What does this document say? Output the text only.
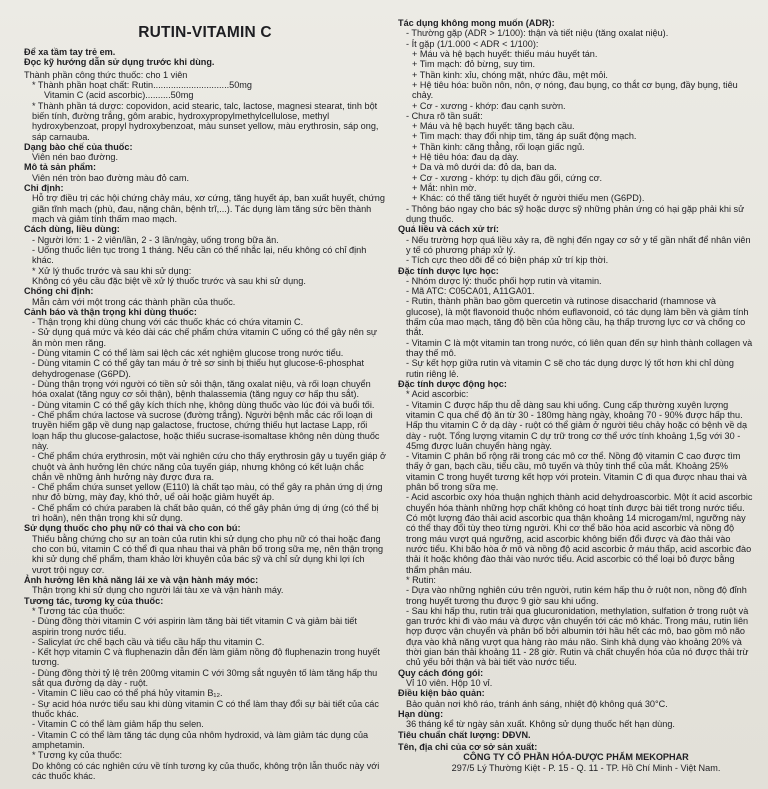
RUTIN-VITAMIN C
Để xa tầm tay trẻ em.
Đọc kỹ hướng dẫn sử dụng trước khi dùng.
Thành phần công thức thuốc: cho 1 viên
* Thành phần hoạt chất: Rutin..............................50mg
Vitamin C (acid ascorbic)..........50mg
* Thành phần tá dược: copovidon, acid stearic, talc, lactose, magnesi stearat, tinh bột biến tính, đường trắng, gôm arabic, hydroxypropylmethylcellulose, methyl hydroxybenzoat, propyl hydroxybenzoat, màu sunset yellow, màu erythrosin, sáp ong, sáp carnauba.
Dạng bào chế của thuốc:
Viên nén bao đường.
Mô tả sản phẩm:
Viên nén tròn bao đường màu đỏ cam.
Chỉ định:
Hỗ trợ điều trị các hội chứng chảy máu, xơ cứng, tăng huyết áp, ban xuất huyết, chứng giãn tĩnh mạch (phù, đau, nặng chân, bệnh trĩ,...). Tác dụng làm tăng sức bền thành mạch và giảm tính thấm mao mạch.
Cách dùng, liều dùng:
- Người lớn: 1 - 2 viên/lần, 2 - 3 lần/ngày, uống trong bữa ăn.
- Uống thuốc liên tục trong 1 tháng. Nếu cần có thể nhắc lại, nếu không có chỉ định khác.
* Xử lý thuốc trước và sau khi sử dụng:
Không có yêu cầu đặc biệt về xử lý thuốc trước và sau khi sử dụng.
Chống chỉ định:
Mẫn cảm với một trong các thành phần của thuốc.
Cảnh báo và thận trọng khi dùng thuốc:
- Thận trọng khi dùng chung với các thuốc khác có chứa vitamin C.
- Sử dụng quá mức và kéo dài các chế phẩm chứa vitamin C uống có thể gây nên sự ăn mòn men răng.
- Dùng vitamin C có thể làm sai lệch các xét nghiệm glucose trong nước tiểu.
- Dùng vitamin C có thể gây tan máu ở trẻ sơ sinh bị thiếu hụt glucose-6-phosphat dehydrogenase (G6PD).
- Dùng thận trọng với người có tiền sử sỏi thận, tăng oxalat niệu, và rối loạn chuyển hóa oxalat (tăng nguy cơ sỏi thận), bệnh thalassemia (tăng nguy cơ hấp thu sắt).
- Dùng vitamin C có thể gây kích thích nhẹ, không dùng thuốc vào lúc đói và buổi tối.
- Chế phẩm chứa lactose và sucrose (đường trắng). Người bệnh mắc các rối loạn di truyền hiếm gặp về dung nạp galactose, fructose, chứng thiếu hụt lactase Lapp, rối loạn hấp thu glucose-galactose, hoặc thiếu sucrase-isomaltase không nên dùng thuốc này.
- Chế phẩm chứa erythrosin, một vài nghiên cứu cho thấy erythrosin gây u tuyến giáp ở chuột và ảnh hưởng lên chức năng của tuyến giáp, nhưng không có kết luận chắc chắn về những ảnh hưởng này được đưa ra.
- Chế phẩm chứa sunset yellow (E110) là chất tạo màu, có thể gây ra phản ứng dị ứng như đỏ bừng, mày đay, khó thở, uể oải hoặc giảm huyết áp.
- Chế phẩm có chứa paraben là chất bảo quản, có thể gây phản ứng dị ứng (có thể bị trì hoãn), nên thận trọng khi sử dụng.
Sử dụng thuốc cho phụ nữ có thai và cho con bú:
Thiếu bằng chứng cho sự an toàn của rutin khi sử dụng cho phụ nữ có thai hoặc đang cho con bú, vitamin C có thể đi qua nhau thai và phân bố trong sữa mẹ, nên thận trọng khi sử dụng chế phẩm, tham khảo lời khuyên của bác sỹ và chỉ sử dụng khi lợi ích vượt trội nguy cơ.
Ảnh hưởng lên khả năng lái xe và vận hành máy móc:
Thận trọng khi sử dụng cho người lái tàu xe và vận hành máy.
Tương tác, tương kỵ của thuốc:
* Tương tác của thuốc:
- Dùng đồng thời vitamin C với aspirin làm tăng bài tiết vitamin C và giảm bài tiết aspirin trong nước tiểu.
- Salicylat ức chế bạch cầu và tiểu cầu hấp thu vitamin C.
- Kết hợp vitamin C và fluphenazin dẫn đến làm giảm nồng độ fluphenazin trong huyết tương.
- Dùng đồng thời tỷ lệ trên 200mg vitamin C với 30mg sắt nguyên tố làm tăng hấp thu sắt qua đường dạ dày - ruột.
- Vitamin C liều cao có thể phá hủy vitamin B₁₂.
- Sự acid hóa nước tiểu sau khi dùng vitamin C có thể làm thay đổi sự bài tiết của các thuốc khác.
- Vitamin C có thể làm giảm hấp thu selen.
- Vitamin C có thể làm tăng tác dụng của nhôm hydroxid, và làm giảm tác dụng của amphetamin.
* Tương kỵ của thuốc:
Do không có các nghiên cứu về tính tương kỵ của thuốc, không trộn lẫn thuốc này với các thuốc khác.
Tác dụng không mong muốn (ADR):
- Thường gặp (ADR > 1/100): thận và tiết niệu (tăng oxalat niệu).
- Ít gặp (1/1.000 < ADR < 1/100):
+ Máu và hệ bạch huyết: thiếu máu huyết tán.
+ Tim mạch: đỏ bừng, suy tim.
+ Thần kinh: xỉu, chóng mặt, nhức đầu, mệt mỏi.
+ Hệ tiêu hóa: buồn nôn, nôn, ợ nóng, đau bụng, co thắt cơ bụng, đầy bụng, tiêu chảy.
+ Cơ - xương - khớp: đau cạnh sườn.
- Chưa rõ tần suất:
+ Máu và hệ bạch huyết: tăng bạch cầu.
+ Tim mạch: thay đổi nhịp tim, tăng áp suất động mạch.
+ Thần kinh: căng thẳng, rối loạn giấc ngủ.
+ Hệ tiêu hóa: đau dạ dày.
+ Da và mô dưới da: đỏ da, ban da.
+ Cơ - xương - khớp: tụ dịch đầu gối, cứng cơ.
+ Mắt: nhìn mờ.
+ Khác: có thể tăng tiết huyết ở người thiếu men (G6PD).
- Thông báo ngay cho bác sỹ hoặc dược sỹ những phản ứng có hại gặp phải khi sử dụng thuốc.
Quá liều và cách xử trí:
- Nếu trường hợp quá liều xảy ra, đề nghị đến ngay cơ sở y tế gần nhất để nhân viên y tế có phương pháp xử lý.
- Tích cực theo dõi để có biện pháp xử trí kịp thời.
Đặc tính dược lực học:
- Nhóm dược lý: thuốc phối hợp rutin và vitamin.
- Mã ATC: C05CA01, A11GA01.
- Rutin, thành phần bao gồm quercetin và rutinose disaccharid (rhamnose và glucose), là một flavonoid thuộc nhóm euflavonoid, có tác dụng làm bền và giảm tính thấm của mao mạch, tăng độ bền của hồng cầu, hạ thấp trương lực cơ và chống co thắt.
- Vitamin C là một vitamin tan trong nước, có liên quan đến sự hình thành collagen và thay thế mô.
- Sự kết hợp giữa rutin và vitamin C sẽ cho tác dụng dược lý tốt hơn khi chỉ dùng rutin riêng lẻ.
Đặc tính dược động học:
* Acid ascorbic:
- Vitamin C được hấp thu dễ dàng sau khi uống. Cung cấp thường xuyên lượng vitamin C qua chế độ ăn từ 30 - 180mg hàng ngày, khoảng 70 - 90% được hấp thu. Hấp thu vitamin C ở dạ dày - ruột có thể giảm ở người tiêu chảy hoặc có bệnh về dạ dày - ruột. Tổng lượng vitamin C dự trữ trong cơ thể ước tính khoảng 1,5g với 30 - 45mg được luân chuyển hàng ngày.
- Vitamin C phân bố rộng rãi trong các mô cơ thể. Nồng độ vitamin C cao được tìm thấy ở gan, bạch cầu, tiểu cầu, mô tuyến và thủy tinh thể của mắt. Khoảng 25% vitamin C trong huyết tương kết hợp với protein. Vitamin C đi qua được nhau thai và phân bố trong sữa mẹ.
- Acid ascorbic oxy hóa thuận nghịch thành acid dehydroascorbic. Một ít acid ascorbic chuyển hóa thành những hợp chất không có hoạt tính được bài tiết trong nước tiểu. Có một lượng đáo thải acid ascorbic qua thận khoảng 14 microgam/ml, ngưỡng này có thể thay đổi tùy theo từng người. Khi cơ thể bão hòa acid ascorbic và nồng độ trong máu vượt quá ngưỡng, acid ascorbic không biến đổi được và đào thải vào nước tiểu. Khi bão hòa ở mô và nồng độ acid ascorbic ở máu thấp, acid ascorbic đào thải ít hoặc không đào thải vào nước tiểu. Acid ascorbic có thể loại bỏ được bằng thẩm phân máu.
* Rutin:
- Dựa vào những nghiên cứu trên người, rutin kém hấp thu ở ruột non, nồng độ đỉnh trong huyết tương thu được 9 giờ sau khi uống.
- Sau khi hấp thu, rutin trải qua glucuronidation, methylation, sulfation ở trong ruột và gan trước khi đi vào máu và được vận chuyển tới các mô khác. Trong máu, rutin liên hợp được vận chuyển và phân bố bởi albumin tới hầu hết các mô, bao gồm mô não đựa vào khả năng vượt qua hàng rào máu não. Sinh khả dụng vào khoảng 20% và thời gian bán thải khoảng 11 - 28 giờ. Rutin và chất chuyển hóa của nó được thải trừ chủ yếu bởi thận và bài tiết vào nước tiểu.
Quy cách đóng gói:
Vỉ 10 viên. Hộp 10 vỉ.
Điều kiện bảo quản:
Bảo quản nơi khô ráo, tránh ánh sáng, nhiệt độ không quá 30°C.
Hạn dùng:
36 tháng kể từ ngày sản xuất. Không sử dụng thuốc hết hạn dùng.
Tiêu chuẩn chất lượng: DĐVN.
Tên, địa chỉ của cơ sở sản xuất:
CÔNG TY CỔ PHẦN HÓA-DƯỢC PHẨM MEKOPHAR
297/5 Lý Thường Kiệt - P. 15 - Q. 11 - TP. Hồ Chí Minh - Việt Nam.
